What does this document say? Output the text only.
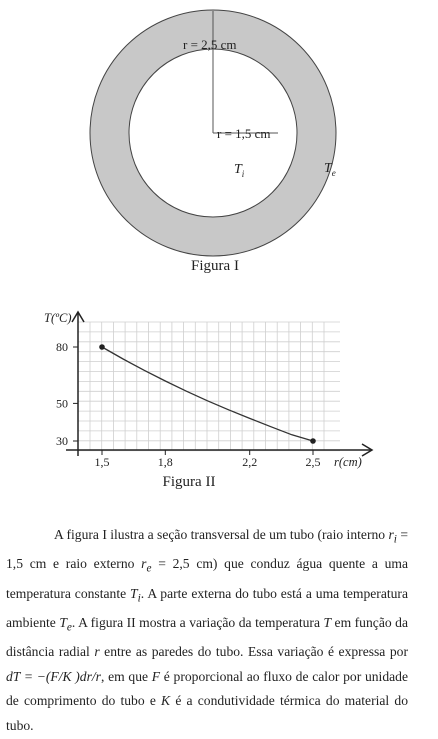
r = 2,5 cm
r = 1,5 cm
$T_i$	$T_e$
Figura I
T(ºC)
r(cm)
1,5	1,8	2,2	2,5
80
50
30
Figura II

A figura I ilustra a seção transversal de um tubo (raio interno $r_i = 1,5$ cm e raio externo $r_e = 2,5$ cm) que conduz água quente a uma temperatura constante $T_i$. A parte externa do tubo está a uma temperatura ambiente $T_e$. A figura II mostra a variação da temperatura T em função da distância radial r entre as paredes do tubo. Essa variação é expressa por dT = −(F/K )dr/r, em que F é proporcional ao fluxo de calor por unidade de comprimento do tubo e K é a condutividade térmica do material do tubo.
